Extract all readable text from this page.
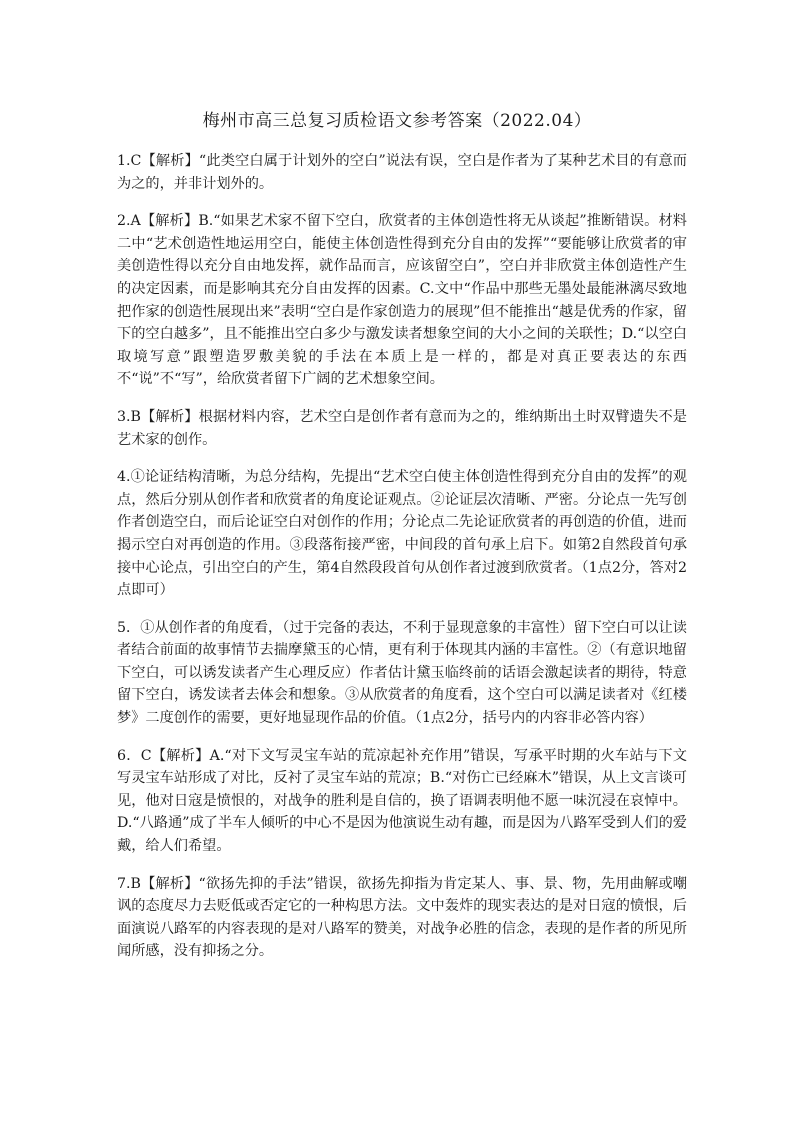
梅州市高三总复习质检语文参考答案（2022.04）

1.C【解析】“此类空白属于计划外的空白”说法有误，空白是作者为了某种艺术目的有意而为之的，并非计划外的。

2.A【解析】B.“如果艺术家不留下空白，欣赏者的主体创造性将无从谈起”推断错误。材料二中“艺术创造性地运用空白，能使主体创造性得到充分自由的发挥”“要能够让欣赏者的审美创造性得以充分自由地发挥，就作品而言，应该留空白”，空白并非欣赏主体创造性产生的决定因素，而是影响其充分自由发挥的因素。C.文中“作品中那些无墨处最能淋漓尽致地把作家的创造性展现出来”表明“空白是作家创造力的展现”但不能推出“越是优秀的作家，留下的空白越多”，且不能推出空白多少与激发读者想象空间的大小之间的关联性；D.“以空白取境写意”跟塑造罗敷美貌的手法在本质上是一样的，都是对真正要表达的东西不“说”不“写”，给欣赏者留下广阔的艺术想象空间。

3.B【解析】根据材料内容，艺术空白是创作者有意而为之的，维纳斯出土时双臂遗失不是艺术家的创作。

4.①论证结构清晰，为总分结构，先提出“艺术空白使主体创造性得到充分自由的发挥”的观点，然后分别从创作者和欣赏者的角度论证观点。②论证层次清晰、严密。分论点一先写创作者创造空白，而后论证空白对创作的作用；分论点二先论证欣赏者的再创造的价值，进而揭示空白对再创造的作用。③段落衔接严密，中间段的首句承上启下。如第2自然段首句承接中心论点，引出空白的产生，第4自然段段首句从创作者过渡到欣赏者。（1点2分，答对2点即可）

5．①从创作者的角度看，（过于完备的表达，不利于显现意象的丰富性）留下空白可以让读者结合前面的故事情节去揣摩黛玉的心情，更有利于体现其内涵的丰富性。②（有意识地留下空白，可以诱发读者产生心理反应）作者估计黛玉临终前的话语会激起读者的期待，特意留下空白，诱发读者去体会和想象。③从欣赏者的角度看，这个空白可以满足读者对《红楼梦》二度创作的需要，更好地显现作品的价值。（1点2分，括号内的内容非必答内容）

6．C【解析】A.“对下文写灵宝车站的荒凉起补充作用”错误，写承平时期的火车站与下文写灵宝车站形成了对比，反衬了灵宝车站的荒凉；B.“对伤亡已经麻木”错误，从上文言谈可见，他对日寇是愤恨的，对战争的胜利是自信的，换了语调表明他不愿一味沉浸在哀悼中。D.“八路通”成了半车人倾听的中心不是因为他演说生动有趣，而是因为八路军受到人们的爱戴，给人们希望。

7.B【解析】“欲扬先抑的手法”错误，欲扬先抑指为肯定某人、事、景、物，先用曲解或嘲讽的态度尽力去贬低或否定它的一种构思方法。文中轰炸的现实表达的是对日寇的愤恨，后面演说八路军的内容表现的是对八路军的赞美，对战争必胜的信念，表现的是作者的所见所闻所感，没有抑扬之分。
